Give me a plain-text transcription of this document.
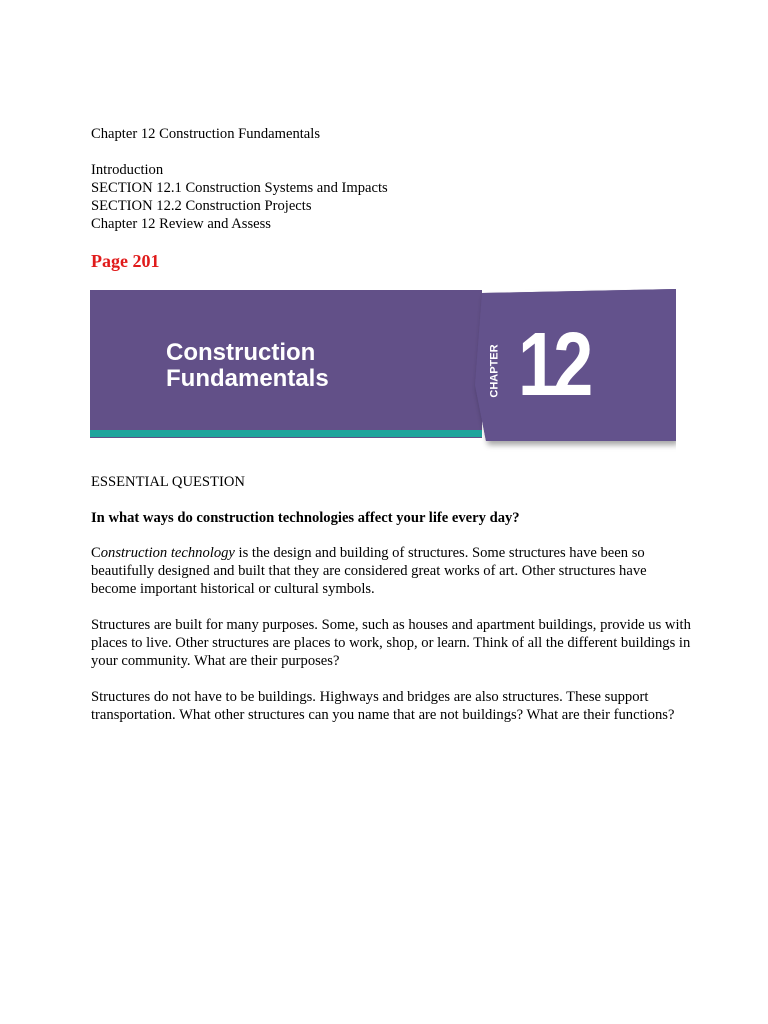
Chapter 12 Construction Fundamentals
Introduction
SECTION 12.1 Construction Systems and Impacts
SECTION 12.2 Construction Projects
Chapter 12 Review and Assess
Page 201
Construction
Fundamentals	CHAPTER 12
ESSENTIAL QUESTION
In what ways do construction technologies affect your life every day?
Construction technology is the design and building of structures. Some structures have been so beautifully designed and built that they are considered great works of art. Other structures have become important historical or cultural symbols.
Structures are built for many purposes. Some, such as houses and apartment buildings, provide us with places to live. Other structures are places to work, shop, or learn. Think of all the different buildings in your community. What are their purposes?
Structures do not have to be buildings. Highways and bridges are also structures. These support transportation. What other structures can you name that are not buildings? What are their functions?
